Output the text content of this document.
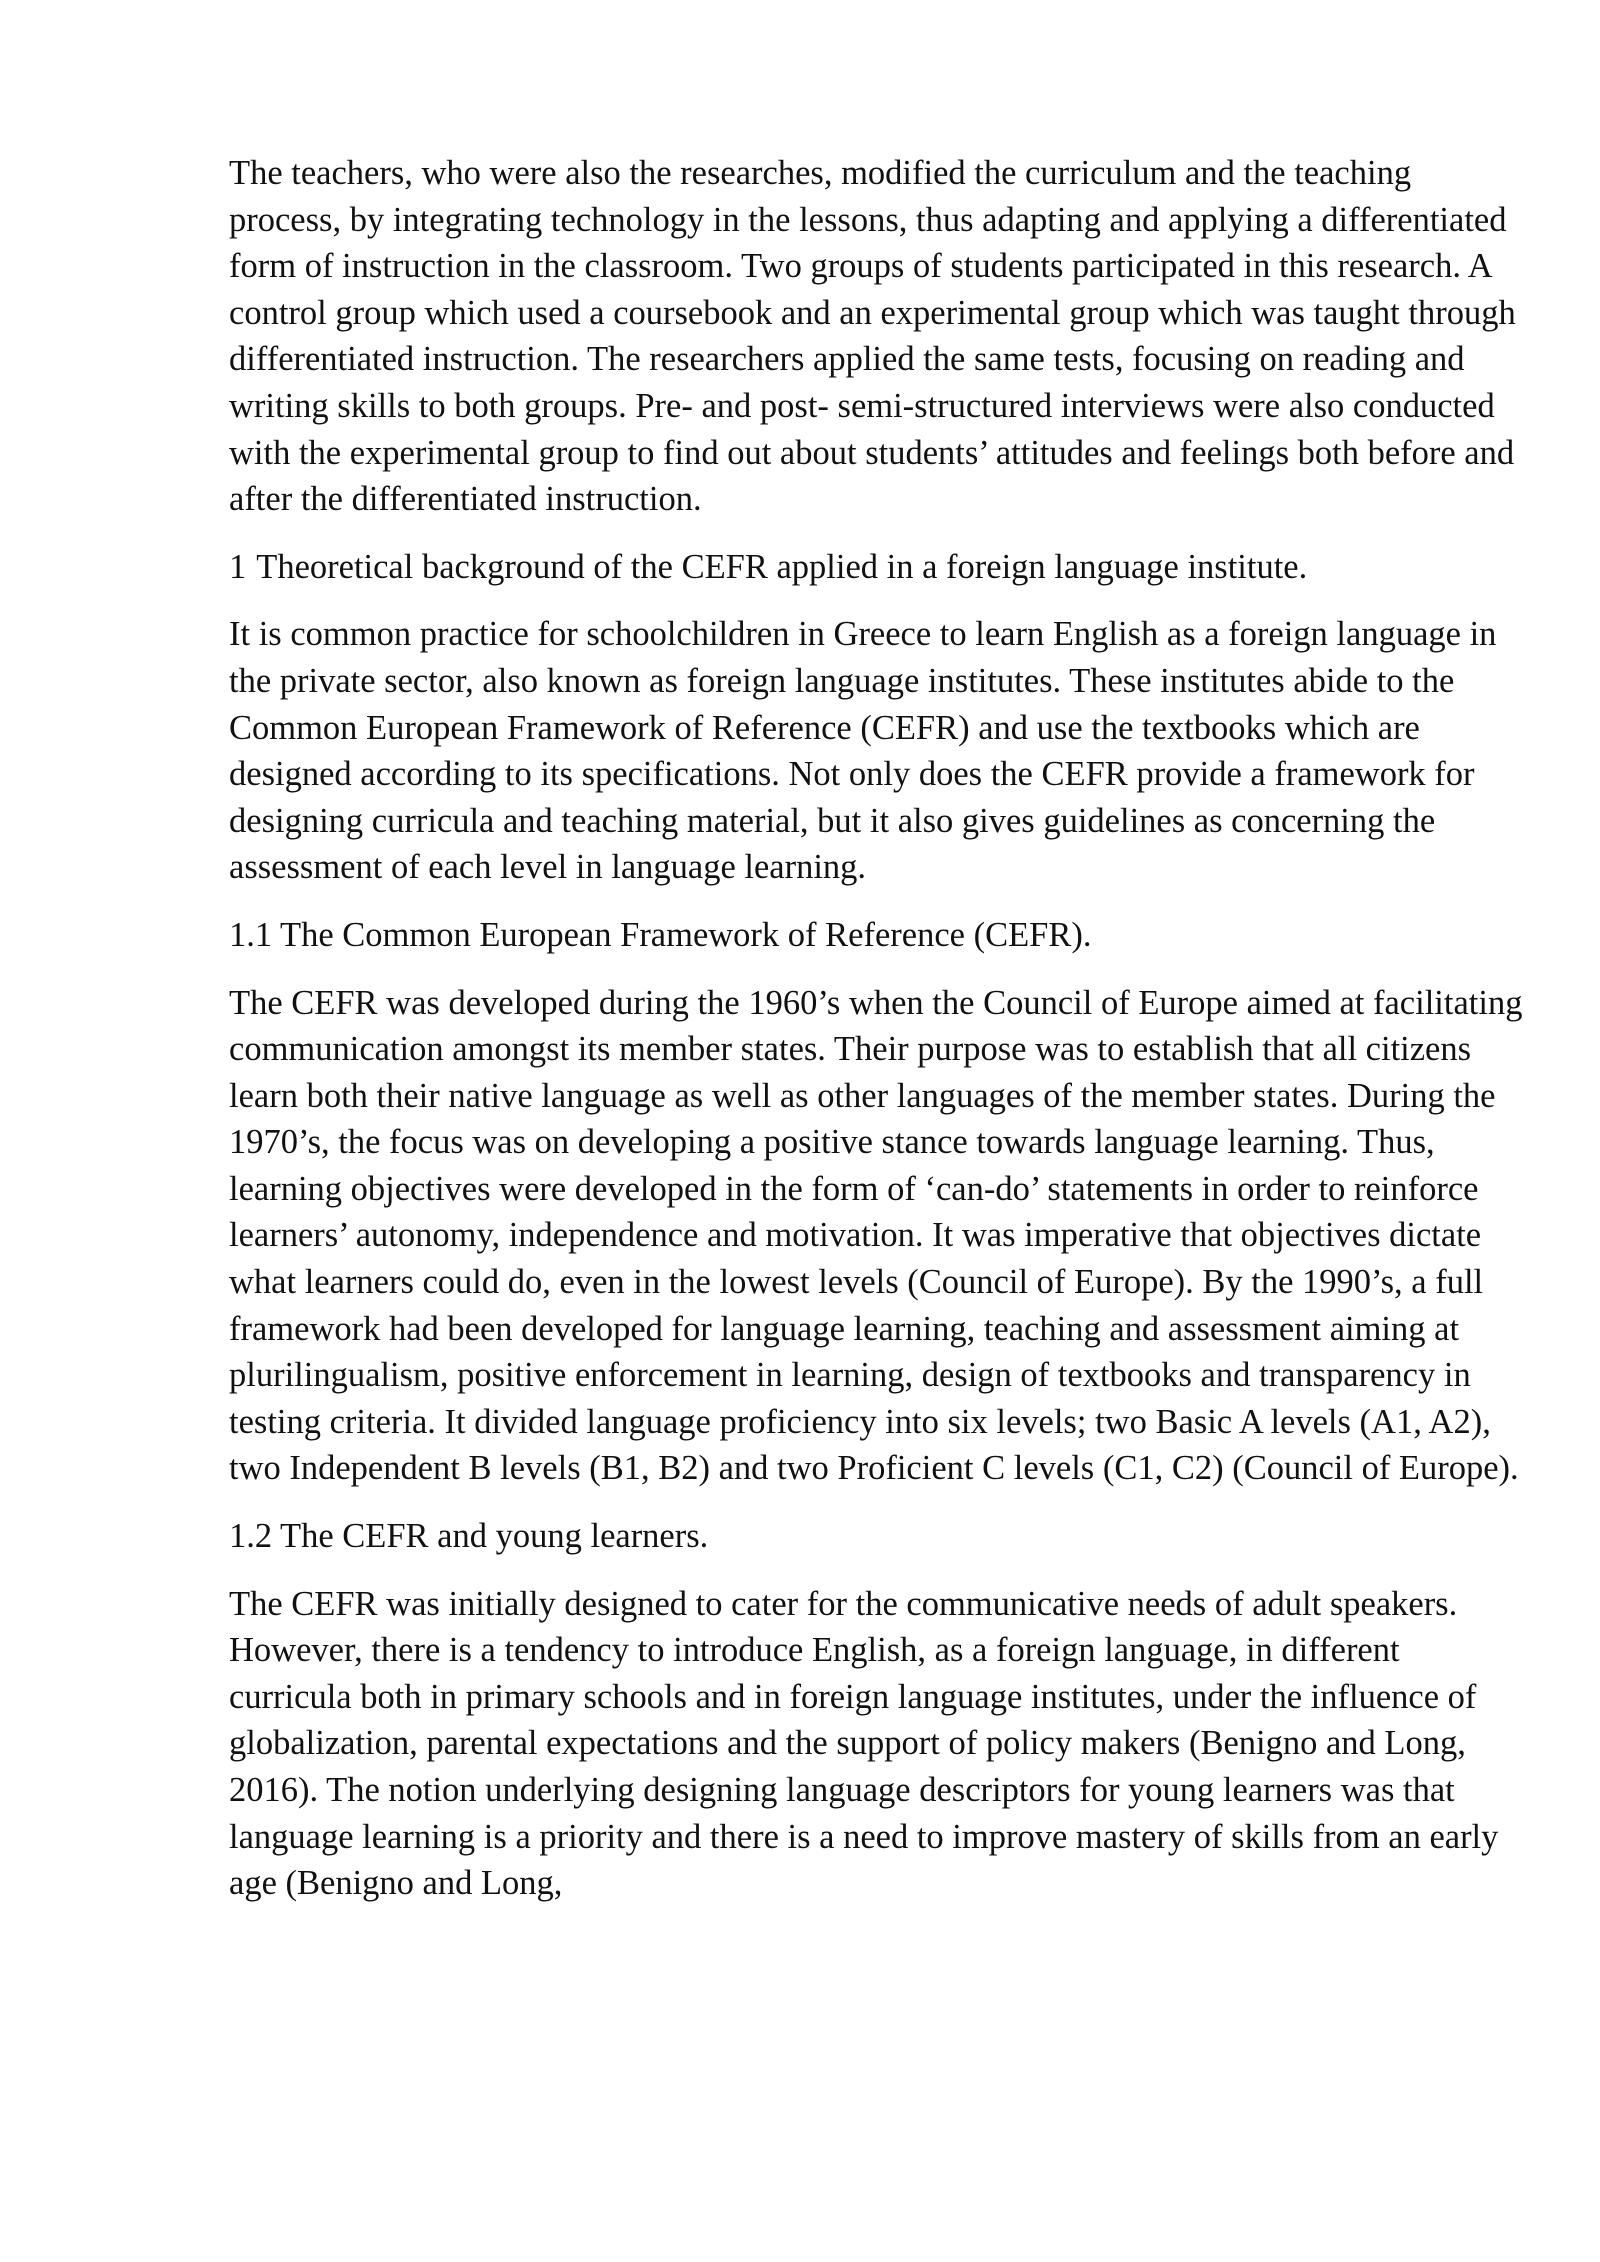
The teachers, who were also the researches, modified the curriculum and the teaching process, by integrating technology in the lessons, thus adapting and applying a differentiated form of instruction in the classroom. Two groups of students participated in this research. A control group which used a coursebook and an experimental group which was taught through differentiated instruction. The researchers applied the same tests, focusing on reading and writing skills to both groups. Pre- and post- semi-structured interviews were also conducted with the experimental group to find out about students’ attitudes and feelings both before and after the differentiated instruction.

1 Theoretical background of the CEFR applied in a foreign language institute.

It is common practice for schoolchildren in Greece to learn English as a foreign language in the private sector, also known as foreign language institutes. These institutes abide to the Common European Framework of Reference (CEFR) and use the textbooks which are designed according to its specifications. Not only does the CEFR provide a framework for designing curricula and teaching material, but it also gives guidelines as concerning the assessment of each level in language learning.

1.1 The Common European Framework of Reference (CEFR).

The CEFR was developed during the 1960’s when the Council of Europe aimed at facilitating communication amongst its member states. Their purpose was to establish that all citizens learn both their native language as well as other languages of the member states. During the 1970’s, the focus was on developing a positive stance towards language learning. Thus, learning objectives were developed in the form of ‘can-do’ statements in order to reinforce learners’ autonomy, independence and motivation. It was imperative that objectives dictate what learners could do, even in the lowest levels (Council of Europe). By the 1990’s, a full framework had been developed for language learning, teaching and assessment aiming at plurilingualism, positive enforcement in learning, design of textbooks and transparency in testing criteria. It divided language proficiency into six levels; two Basic A levels (A1, A2), two Independent B levels (B1, B2) and two Proficient C levels (C1, C2) (Council of Europe).

1.2 The CEFR and young learners.

The CEFR was initially designed to cater for the communicative needs of adult speakers. However, there is a tendency to introduce English, as a foreign language, in different curricula both in primary schools and in foreign language institutes, under the influence of globalization, parental expectations and the support of policy makers (Benigno and Long, 2016). The notion underlying designing language descriptors for young learners was that language learning is a priority and there is a need to improve mastery of skills from an early age (Benigno and Long,
